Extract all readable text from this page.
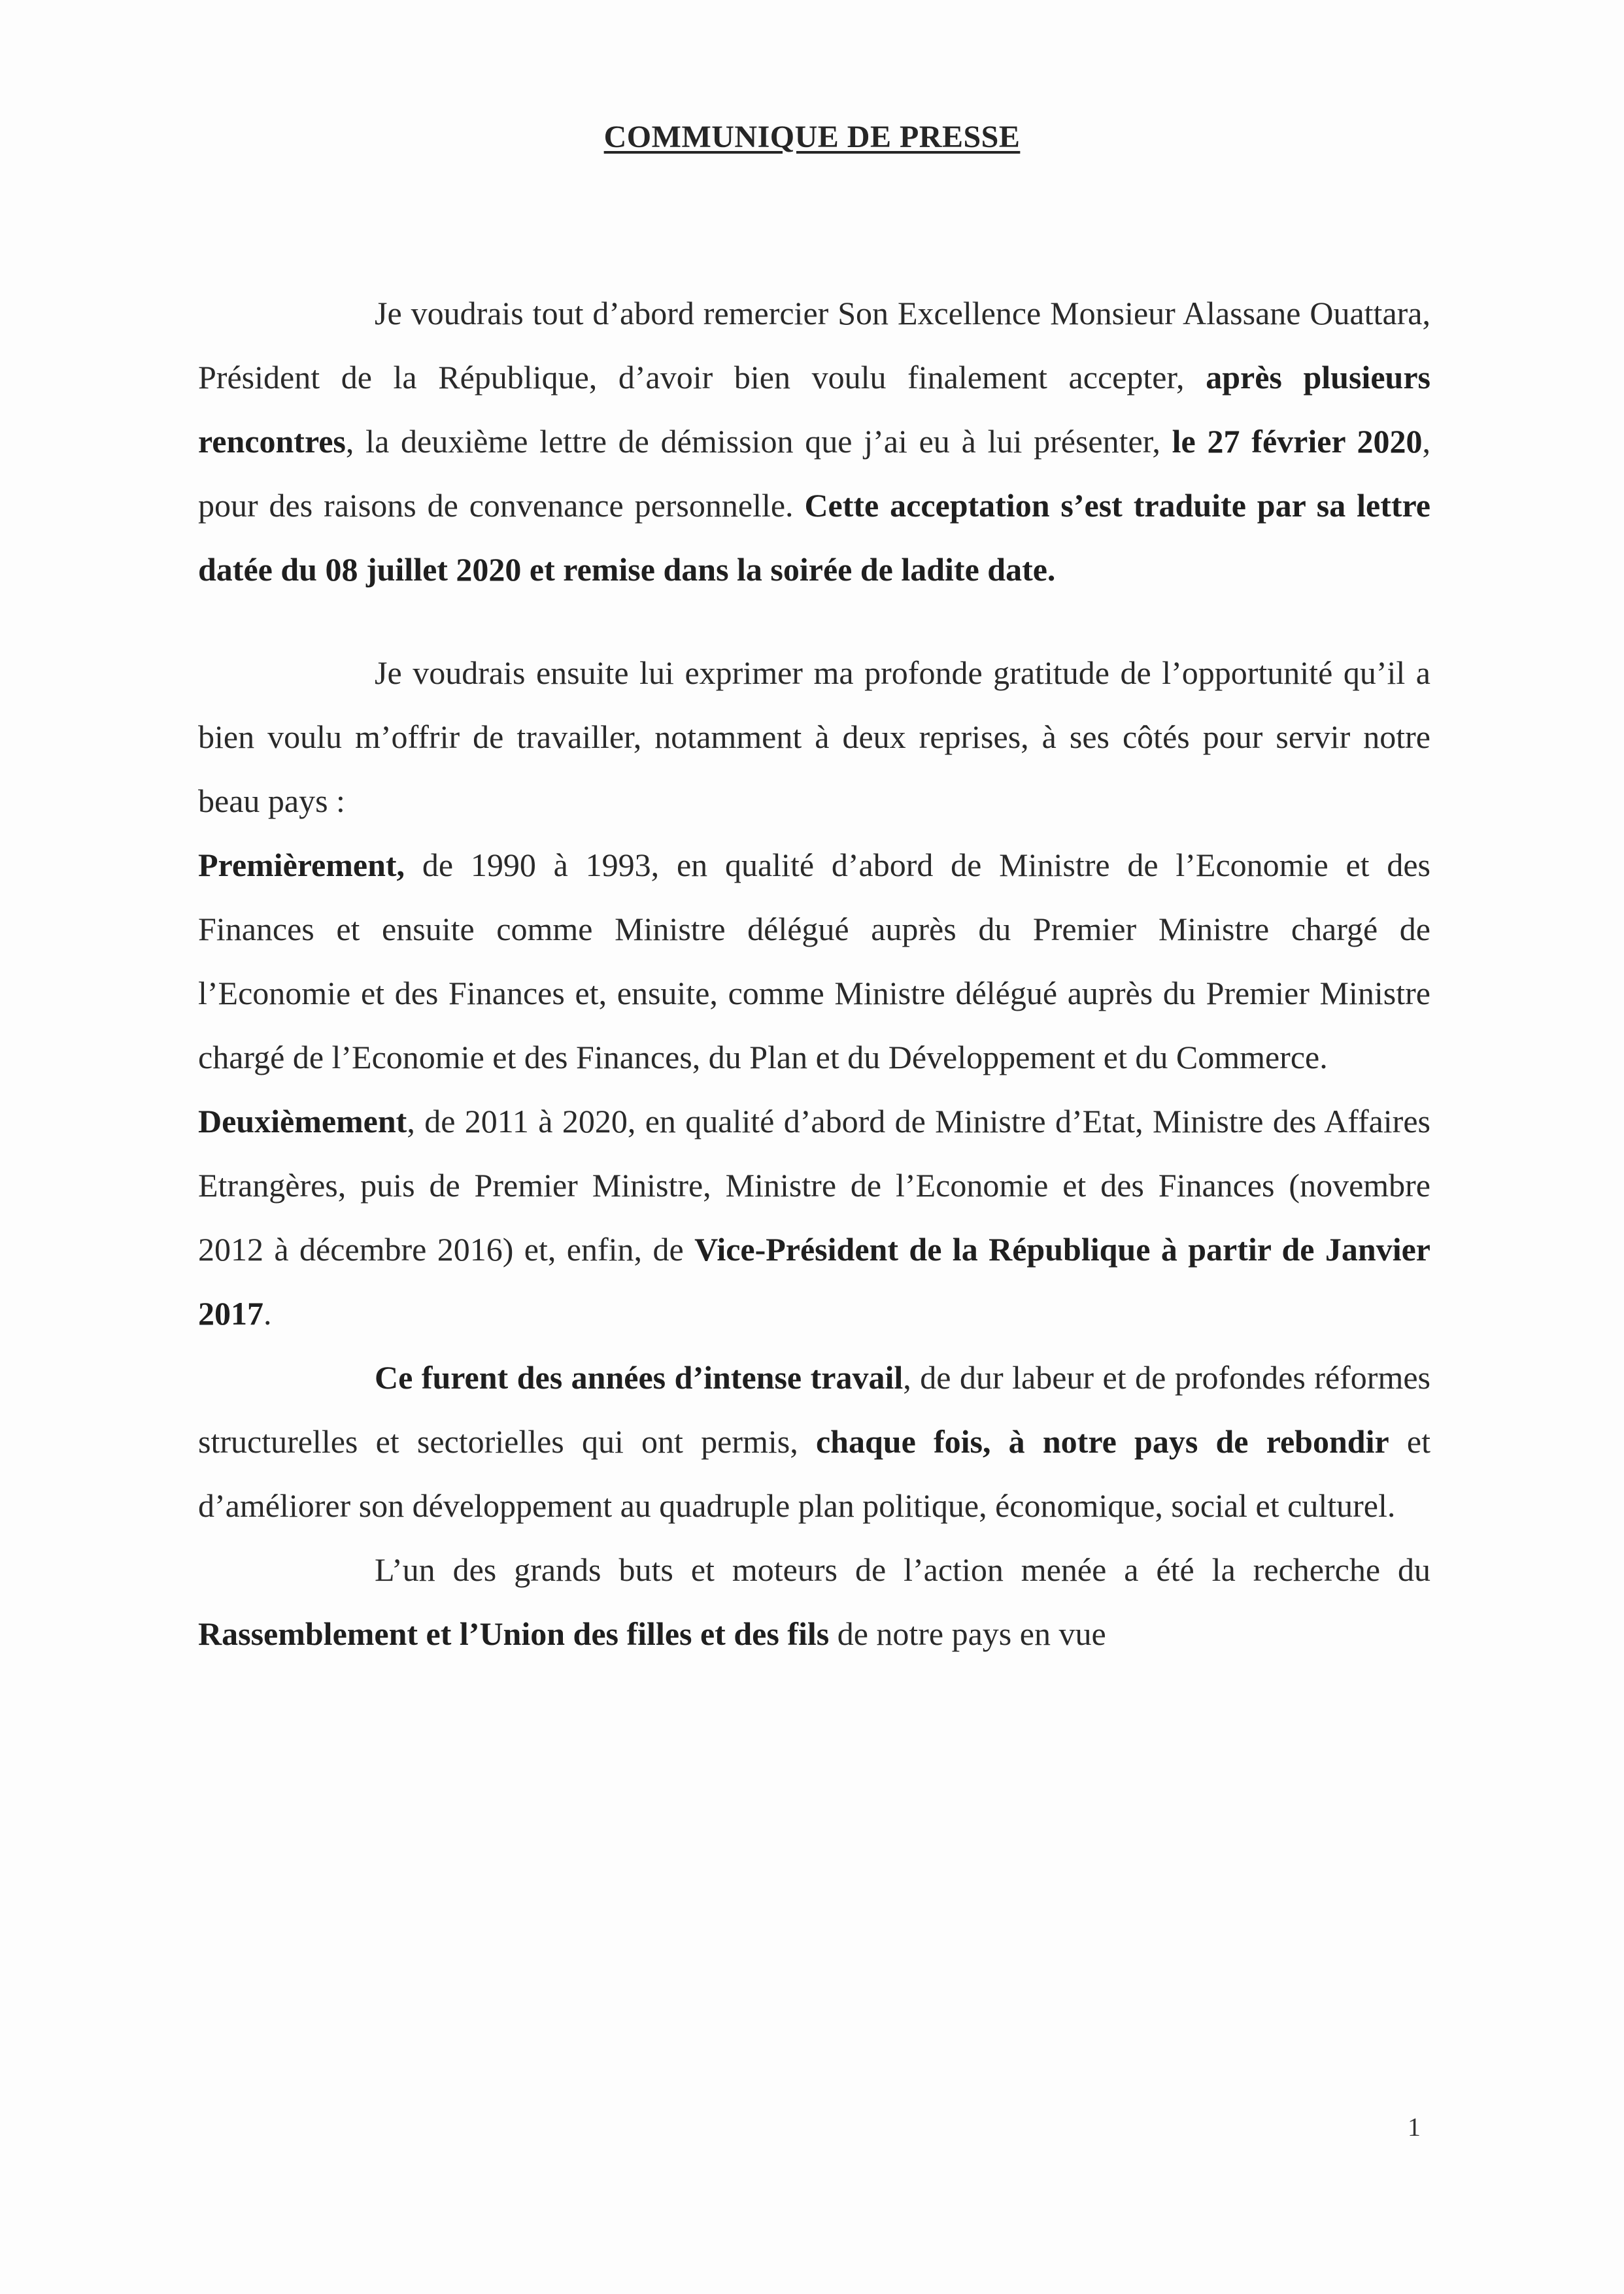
COMMUNIQUE DE PRESSE

Je voudrais tout d’abord remercier Son Excellence Monsieur Alassane Ouattara, Président de la République, d’avoir bien voulu finalement accepter, après plusieurs rencontres, la deuxième lettre de démission que j’ai eu à lui présenter, le 27 février 2020, pour des raisons de convenance personnelle. Cette acceptation s’est traduite par sa lettre datée du 08 juillet 2020 et remise dans la soirée de ladite date.

Je voudrais ensuite lui exprimer ma profonde gratitude de l’opportunité qu’il a bien voulu m’offrir de travailler, notamment à deux reprises, à ses côtés pour servir notre beau pays :

Premièrement, de 1990 à 1993, en qualité d’abord de Ministre de l’Economie et des Finances et ensuite comme Ministre délégué auprès du Premier Ministre chargé de l’Economie et des Finances et, ensuite, comme Ministre délégué auprès du Premier Ministre chargé de l’Economie et des Finances, du Plan et du Développement et du Commerce.

Deuxièmement, de 2011 à 2020, en qualité d’abord de Ministre d’Etat, Ministre des Affaires Etrangères, puis de Premier Ministre, Ministre de l’Economie et des Finances (novembre 2012 à décembre 2016) et, enfin, de Vice-Président de la République à partir de Janvier 2017.

Ce furent des années d’intense travail, de dur labeur et de profondes réformes structurelles et sectorielles qui ont permis, chaque fois, à notre pays de rebondir et d’améliorer son développement au quadruple plan politique, économique, social et culturel.

L’un des grands buts et moteurs de l’action menée a été la recherche du Rassemblement et l’Union des filles et des fils de notre pays en vue

1
